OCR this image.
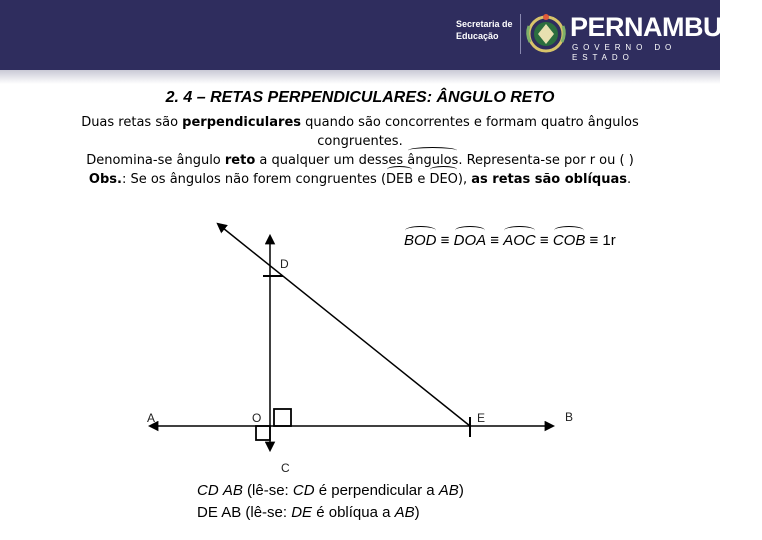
Secretaria de
Educação	PERNAMBUCO
GOVERNO DO ESTADO
2. 4 – RETAS PERPENDICULARES: ÂNGULO RETO
Duas retas são perpendiculares quando são concorrentes e formam quatro ângulos
congruentes.
Denomina-se ângulo reto a qualquer um desses ângulos. Representa-se por r ou ( )
Obs.: Se os ângulos não forem congruentes (DEB e DEO), as retas são oblíquas.
BOD ≡ DOA ≡ AOC ≡ COB ≡ 1r
D
A	O	E	B
C
CD AB (lê-se: CD é perpendicular a AB)
DE AB (lê-se: DE é oblíqua a AB)
